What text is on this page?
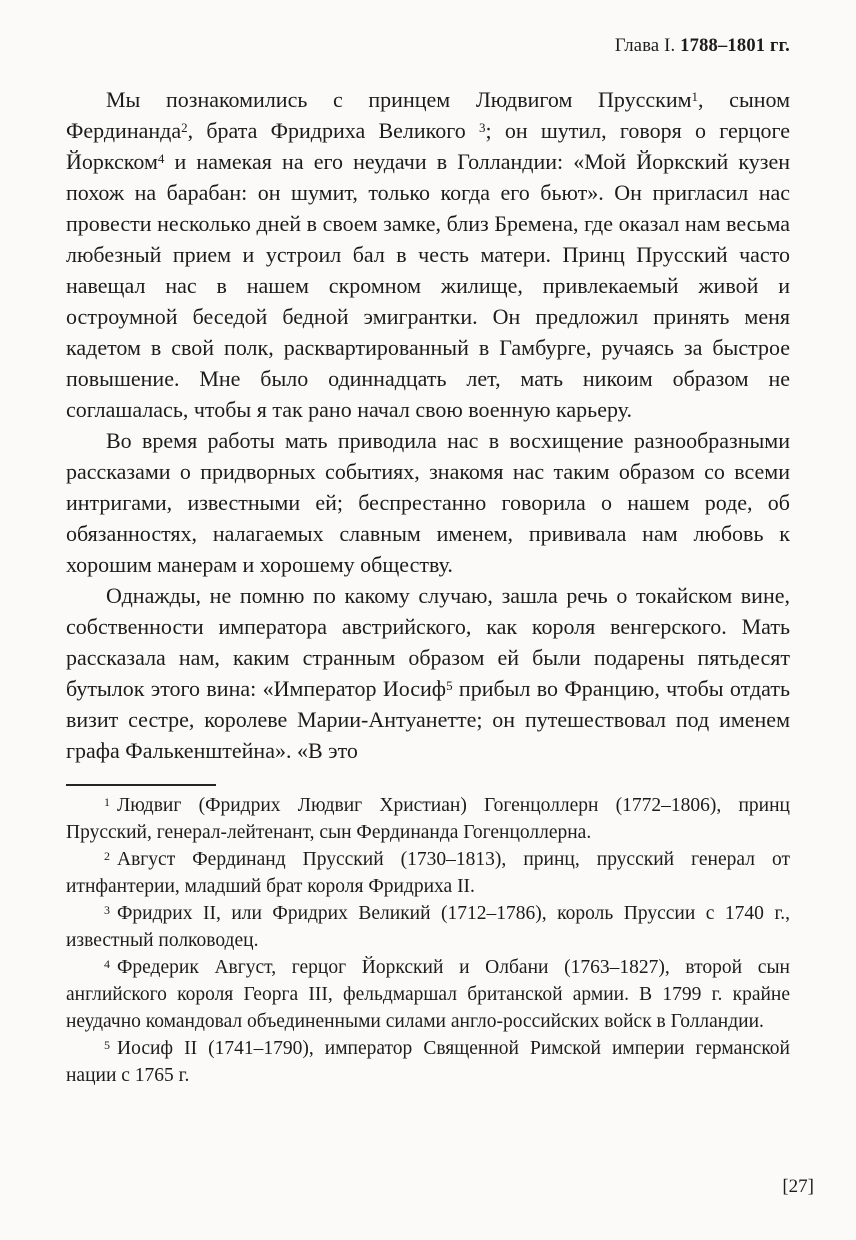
Глава I. 1788–1801 гг.

Мы познакомились с принцем Людвигом Прусским$^1$, сыном Фердинанда$^2$, брата Фридриха Великого $^3$; он шутил, говоря о герцоге Йоркском$^4$ и намекая на его неудачи в Голландии: «Мой Йоркский кузен похож на барабан: он шумит, только когда его бьют». Он пригласил нас провести несколько дней в своем замке, близ Бремена, где оказал нам весьма любезный прием и устроил бал в честь матери. Принц Прусский часто навещал нас в нашем скромном жилище, привлекаемый живой и остроумной беседой бедной эмигрантки. Он предложил принять меня кадетом в свой полк, расквартированный в Гамбурге, ручаясь за быстрое повышение. Мне было одиннадцать лет, мать никоим образом не соглашалась, чтобы я так рано начал свою военную карьеру.

Во время работы мать приводила нас в восхищение разнообразными рассказами о придворных событиях, знакомя нас таким образом со всеми интригами, известными ей; беспрестанно говорила о нашем роде, об обязанностях, налагаемых славным именем, прививала нам любовь к хорошим манерам и хорошему обществу.

Однажды, не помню по какому случаю, зашла речь о токайском вине, собственности императора австрийского, как короля венгерского. Мать рассказала нам, каким странным образом ей были подарены пятьдесят бутылок этого вина: «Император Иосиф$^5$ прибыл во Францию, чтобы отдать визит сестре, королеве Марии-Антуанетте; он путешествовал под именем графа Фалькенштейна». «В это

$^1$ Людвиг (Фридрих Людвиг Христиан) Гогенцоллерн (1772–1806), принц Прусский, генерал-лейтенант, сын Фердинанда Гогенцоллерна.

$^2$ Август Фердинанд Прусский (1730–1813), принц, прусский генерал от итнфантерии, младший брат короля Фридриха II.

$^3$ Фридрих II, или Фридрих Великий (1712–1786), король Пруссии с 1740 г., известный полководец.

$^4$ Фредерик Август, герцог Йоркский и Олбани (1763–1827), второй сын английского короля Георга III, фельдмаршал британской армии. В 1799 г. крайне неудачно командовал объединенными силами англо-российских войск в Голландии.

$^5$ Иосиф II (1741–1790), император Священной Римской империи германской нации с 1765 г.

[27]
